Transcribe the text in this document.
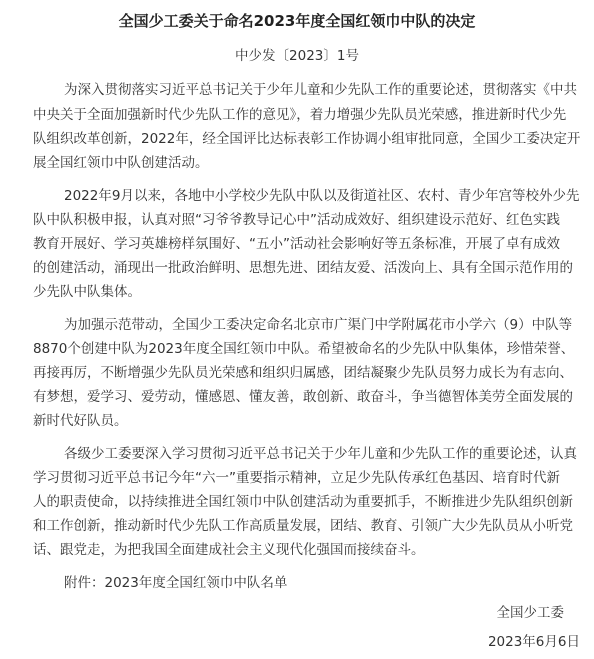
全国少工委关于命名2023年度全国红领巾中队的决定
中少发〔2023〕1号
为深入贯彻落实习近平总书记关于少年儿童和少先队工作的重要论述，贯彻落实《中共
中央关于全面加强新时代少先队工作的意见》，着力增强少先队员光荣感，推进新时代少先
队组织改革创新，2022年，经全国评比达标表彰工作协调小组审批同意，全国少工委决定开
展全国红领巾中队创建活动。
2022年9月以来，各地中小学校少先队中队以及街道社区、农村、青少年宫等校外少先
队中队积极申报，认真对照“习爷爷教导记心中”活动成效好、组织建设示范好、红色实践
教育开展好、学习英雄榜样氛围好、“五小”活动社会影响好等五条标准，开展了卓有成效
的创建活动，涌现出一批政治鲜明、思想先进、团结友爱、活泼向上、具有全国示范作用的
少先队中队集体。
为加强示范带动，全国少工委决定命名北京市广渠门中学附属花市小学六（9）中队等
8870个创建中队为2023年度全国红领巾中队。希望被命名的少先队中队集体，珍惜荣誉、
再接再厉，不断增强少先队员光荣感和组织归属感，团结凝聚少先队员努力成长为有志向、
有梦想，爱学习、爱劳动，懂感恩、懂友善，敢创新、敢奋斗，争当德智体美劳全面发展的
新时代好队员。
各级少工委要深入学习贯彻习近平总书记关于少年儿童和少先队工作的重要论述，认真
学习贯彻习近平总书记今年“六一”重要指示精神，立足少先队传承红色基因、培育时代新
人的职责使命，以持续推进全国红领巾中队创建活动为重要抓手，不断推进少先队组织创新
和工作创新，推动新时代少先队工作高质量发展，团结、教育、引领广大少先队员从小听党
话、跟党走，为把我国全面建成社会主义现代化强国而接续奋斗。
附件：2023年度全国红领巾中队名单
全国少工委
2023年6月6日
